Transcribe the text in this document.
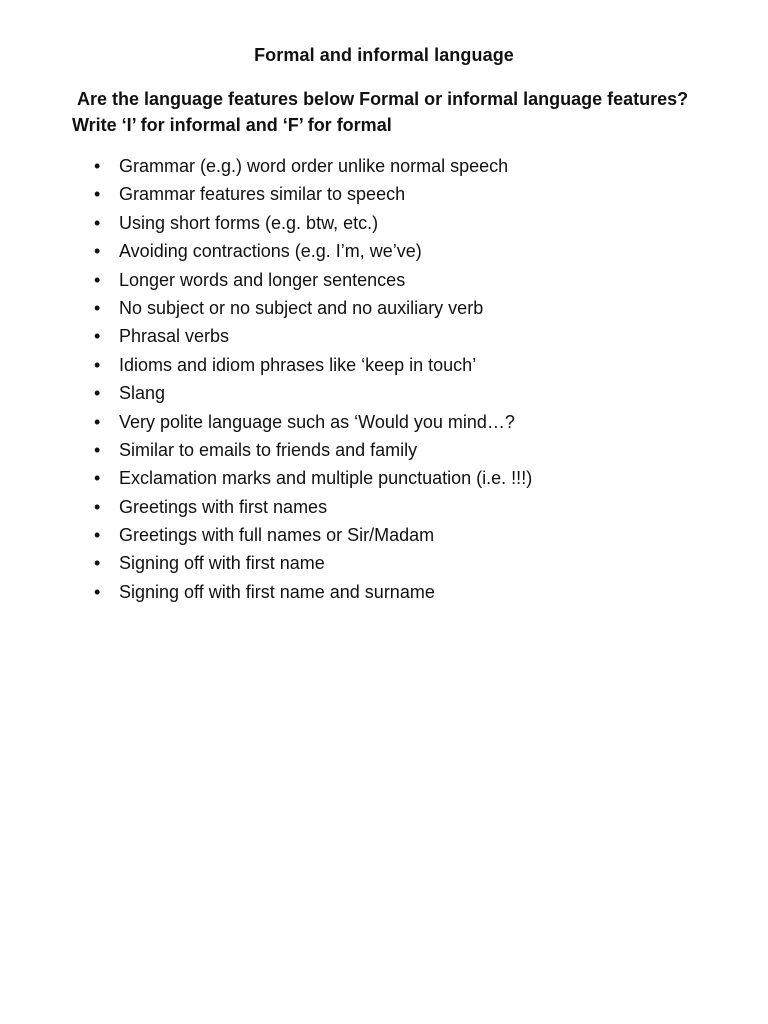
Formal and informal language
Are the language features below Formal or informal language features?
Write ‘I’ for informal and ‘F’ for formal
•	Grammar (e.g.) word order unlike normal speech
•	Grammar features similar to speech
•	Using short forms (e.g. btw, etc.)
•	Avoiding contractions (e.g. I’m, we’ve)
•	Longer words and longer sentences
•	No subject or no subject and no auxiliary verb
•	Phrasal verbs
•	Idioms and idiom phrases like ‘keep in touch’
•	Slang
•	Very polite language such as ‘Would you mind…?
•	Similar to emails to friends and family
•	Exclamation marks and multiple punctuation (i.e. !!!)
•	Greetings with first names
•	Greetings with full names or Sir/Madam
•	Signing off with first name
•	Signing off with first name and surname
